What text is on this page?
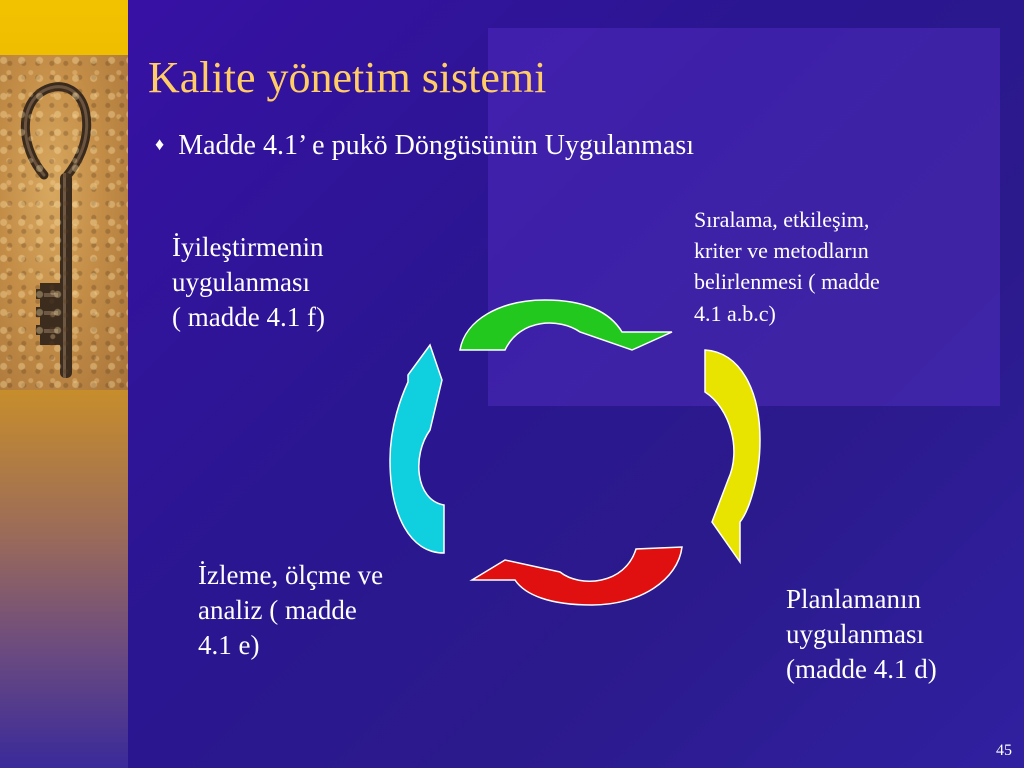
Kalite yönetim sistemi
♦ Madde 4.1’ e pukö Döngüsünün Uygulanması
İyileştirmenin
uygulanması
( madde 4.1 f)
Sıralama, etkileşim,
kriter ve metodların
belirlenmesi ( madde
4.1 a.b.c)
Planlamanın
uygulanması
(madde 4.1 d)
İzleme, ölçme ve
analiz ( madde
4.1 e)
45
